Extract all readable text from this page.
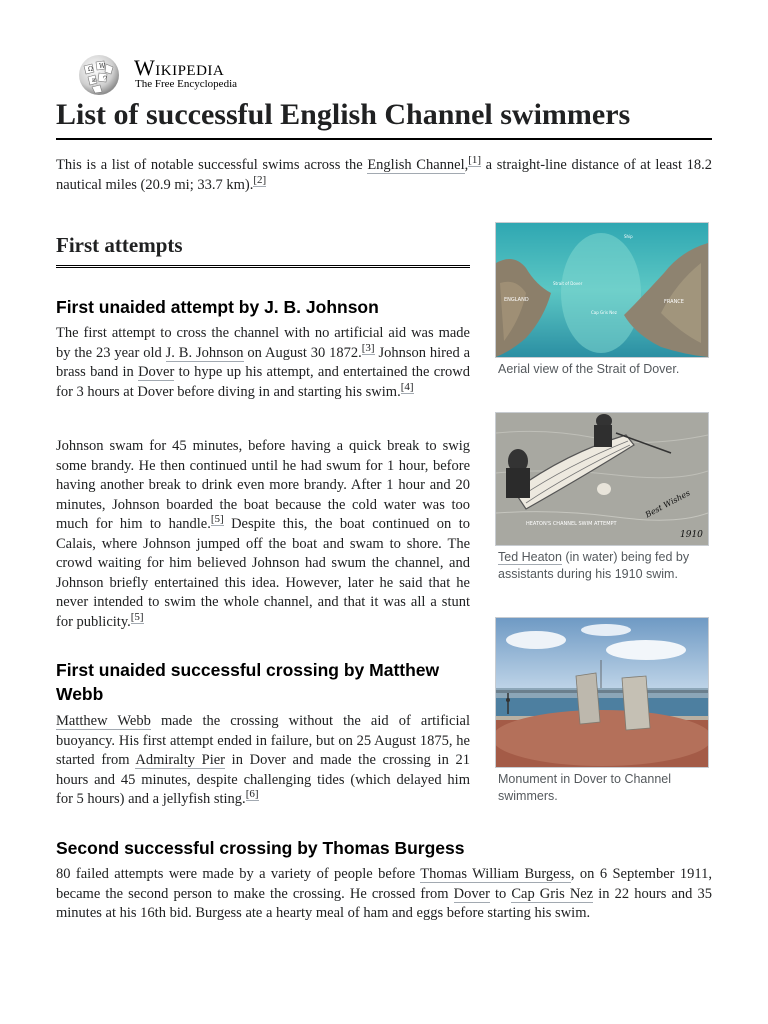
Ω W
и ウ Wikipedia
The Free Encyclopedia
List of successful English Channel swimmers

This is a list of notable successful swims across the English Channel,[1] a straight-line distance of at least 18.2 nautical miles (20.9 mi; 33.7 km).[2]

First attempts
First unaided attempt by J. B. Johnson

The first attempt to cross the channel with no artificial aid was made by the 23 year old J. B. Johnson on August 30 1872.[3] Johnson hired a brass band in Dover to hype up his attempt, and entertained the crowd for 3 hours at Dover before diving in and starting his swim.[4]

Johnson swam for 45 minutes, before having a quick break to swig some brandy. He then continued until he had swum for 1 hour, before having another break to drink even more brandy. After 1 hour and 20 minutes, Johnson boarded the boat because the cold water was too much for him to handle.[5] Despite this, the boat continued on to Calais, where Johnson jumped off the boat and swam to shore. The crowd waiting for him believed Johnson had swum the channel, and Johnson briefly entertained this idea. However, later he said that he never intended to swim the whole channel, and that it was all a stunt for publicity.[5]

First unaided successful crossing by Matthew Webb

Matthew Webb made the crossing without the aid of artificial buoyancy. His first attempt ended in failure, but on 25 August 1875, he started from Admiralty Pier in Dover and made the crossing in 21 hours and 45 minutes, despite challenging tides (which delayed him for 5 hours) and a jellyfish sting.[6]

Second successful crossing by Thomas Burgess

80 failed attempts were made by a variety of people before Thomas William Burgess, on 6 September 1911, became the second person to make the crossing. He crossed from Dover to Cap Gris Nez in 22 hours and 35 minutes at his 16th bid. Burgess ate a hearty meal of ham and eggs before starting his swim.

ENGLAND	FRANCE
Cap Gris Nez
Strait of Dover
Ship
Aerial view of the Strait of Dover.
HEATON'S CHANNEL SWIM ATTEMPT
Best Wishes
1910
Ted Heaton (in water) being fed by assistants during his 1910 swim.
Monument in Dover to Channel swimmers.
